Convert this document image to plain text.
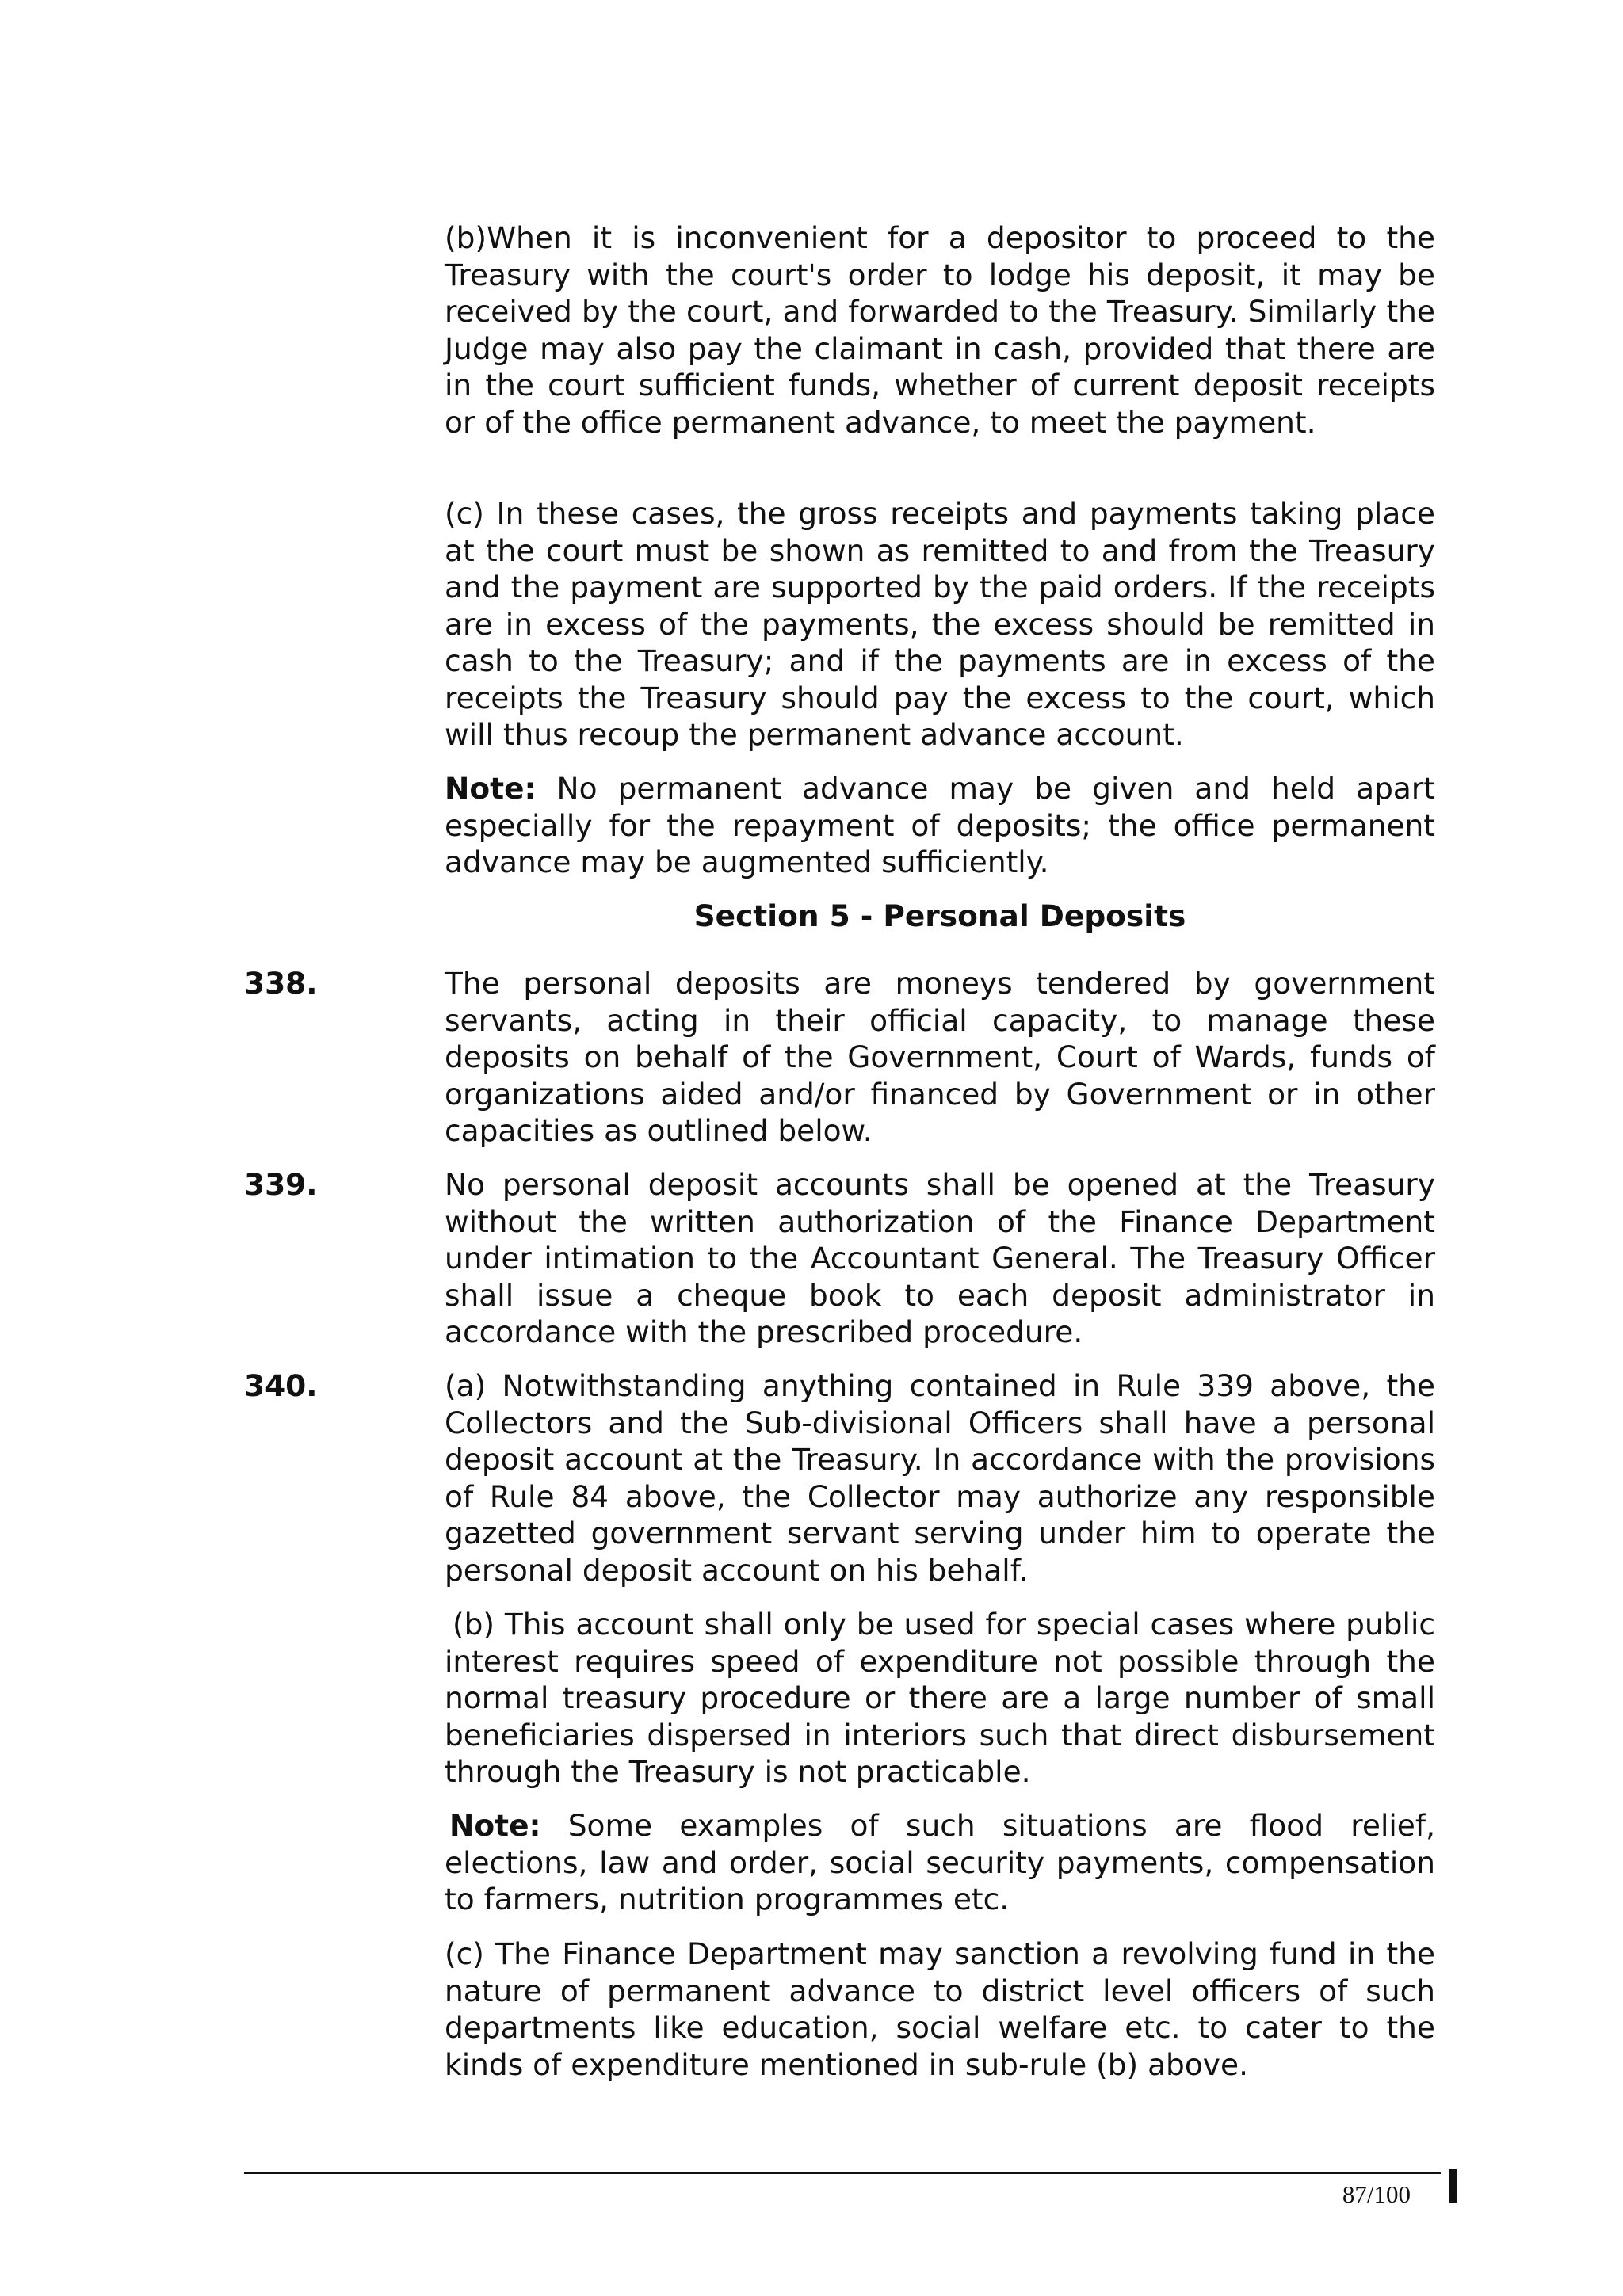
(b)When it is inconvenient for a depositor to proceed to the Treasury with the court's order to lodge his deposit, it may be received by the court, and forwarded to the Treasury. Similarly the Judge may also pay the claimant in cash, provided that there are in the court sufficient funds, whether of current deposit receipts or of the office permanent advance, to meet the payment.

(c) In these cases, the gross receipts and payments taking place at the court must be shown as remitted to and from the Treasury and the payment are supported by the paid orders. If the receipts are in excess of the payments, the excess should be remitted in cash to the Treasury; and if the payments are in excess of the receipts the Treasury should pay the excess to the court, which will thus recoup the permanent advance account.

Note: No permanent advance may be given and held apart especially for the repayment of deposits; the office permanent advance may be augmented sufficiently.

Section 5 - Personal Deposits
338.	The personal deposits are moneys tendered by government servants, acting in their official capacity, to manage these deposits on behalf of the Government, Court of Wards, funds of organizations aided and/or financed by Government or in other capacities as outlined below.

339.	No personal deposit accounts shall be opened at the Treasury without the written authorization of the Finance Department under intimation to the Accountant General. The Treasury Officer shall issue a cheque book to each deposit administrator in accordance with the prescribed procedure.

340.	(a) Notwithstanding anything contained in Rule 339 above, the Collectors and the Sub-divisional Officers shall have a personal deposit account at the Treasury. In accordance with the provisions of Rule 84 above, the Collector may authorize any responsible gazetted government servant serving under him to operate the personal deposit account on his behalf.

(b) This account shall only be used for special cases where public interest requires speed of expenditure not possible through the normal treasury procedure or there are a large number of small beneficiaries dispersed in interiors such that direct disbursement through the Treasury is not practicable.

Note: Some examples of such situations are flood relief, elections, law and order, social security payments, compensation to farmers, nutrition programmes etc.

(c) The Finance Department may sanction a revolving fund in the nature of permanent advance to district level officers of such departments like education, social welfare etc. to cater to the kinds of expenditure mentioned in sub-rule (b) above.

87/100
